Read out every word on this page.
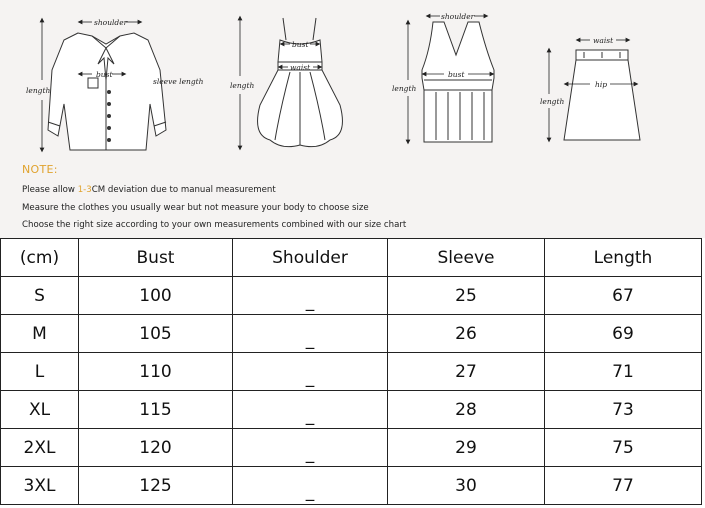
shoulder
bust
sleeve length
length
bust
waist
length
shoulder
bust
length
waist
hip
length
NOTE:
Please allow 1-3CM deviation due to manual measurement
Measure the clothes you usually wear but not measure your body to choose size
Choose the right size according to your own measurements combined with our size chart
(cm)	Bust	Shoulder	Sleeve	Length
S	100	_	25	67
M	105	_	26	69
L	110	_	27	71
XL	115	_	28	73
2XL	120	_	29	75
3XL	125	_	30	77
